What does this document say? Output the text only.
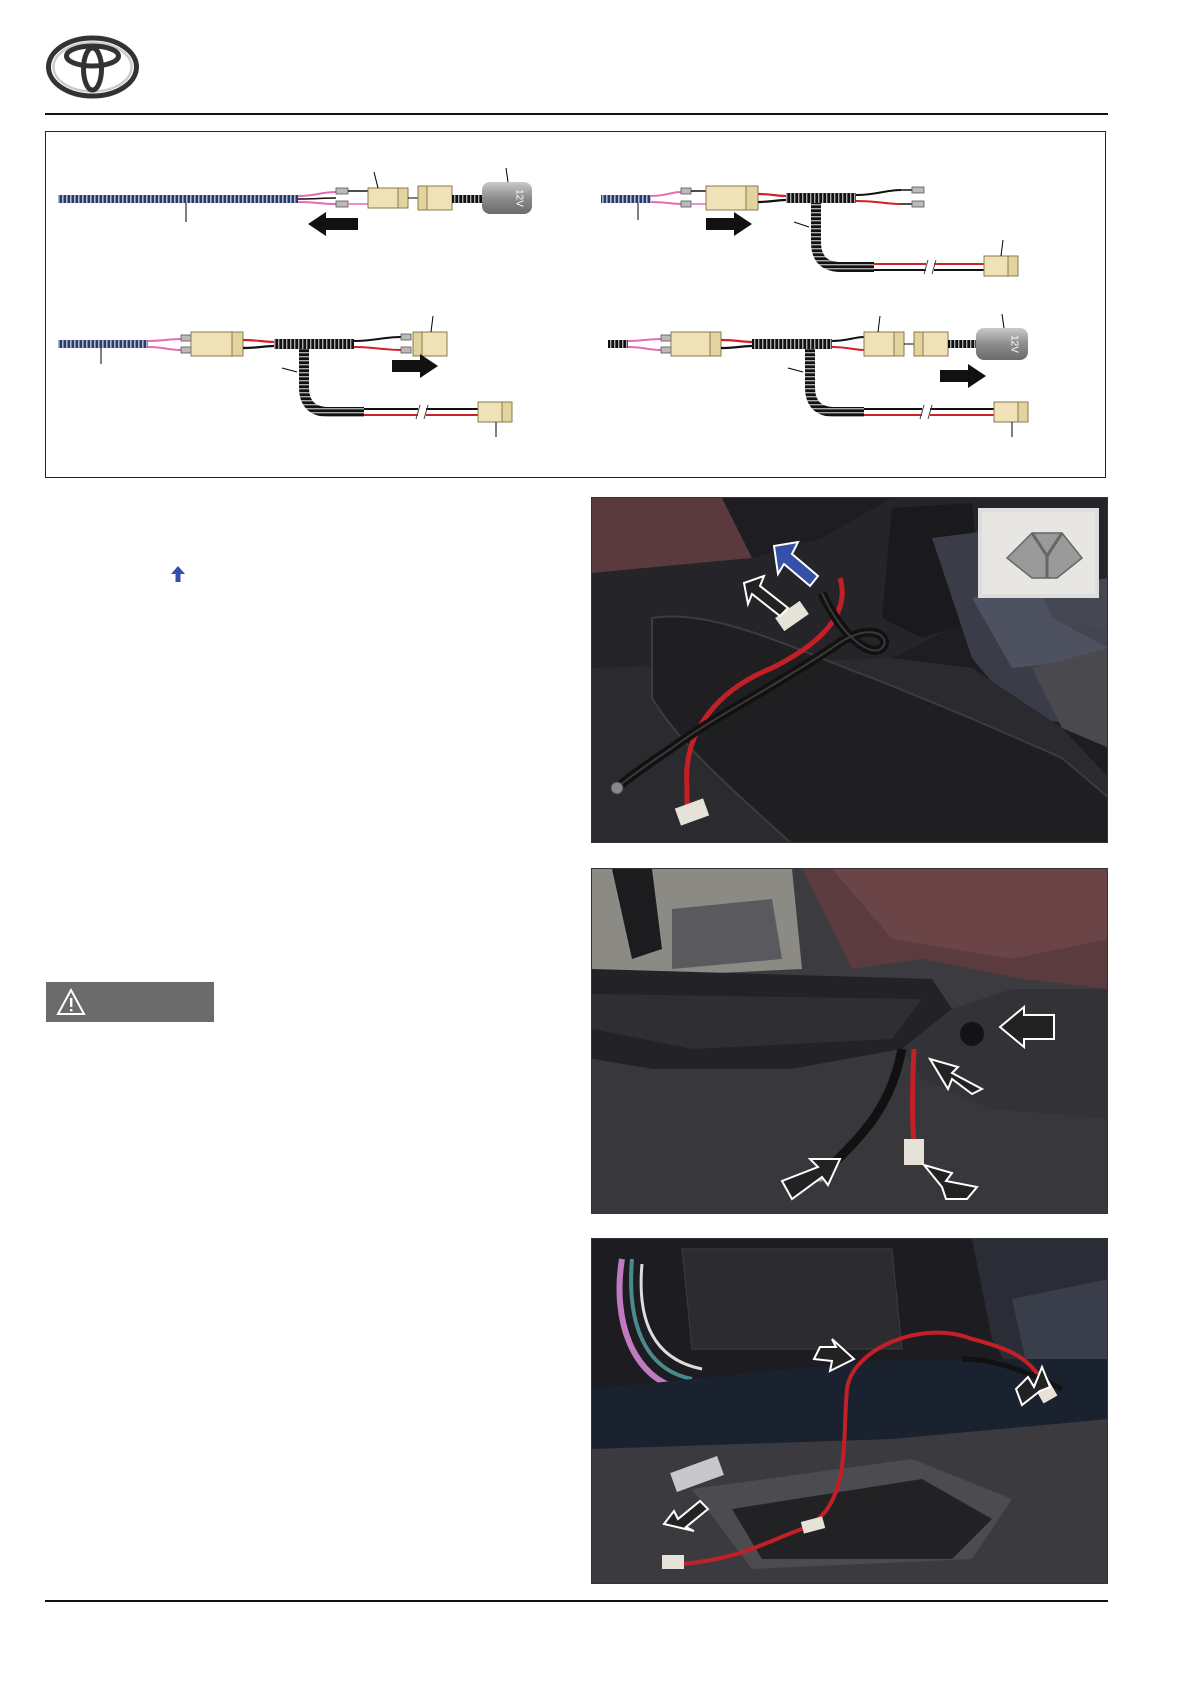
12V
12V
